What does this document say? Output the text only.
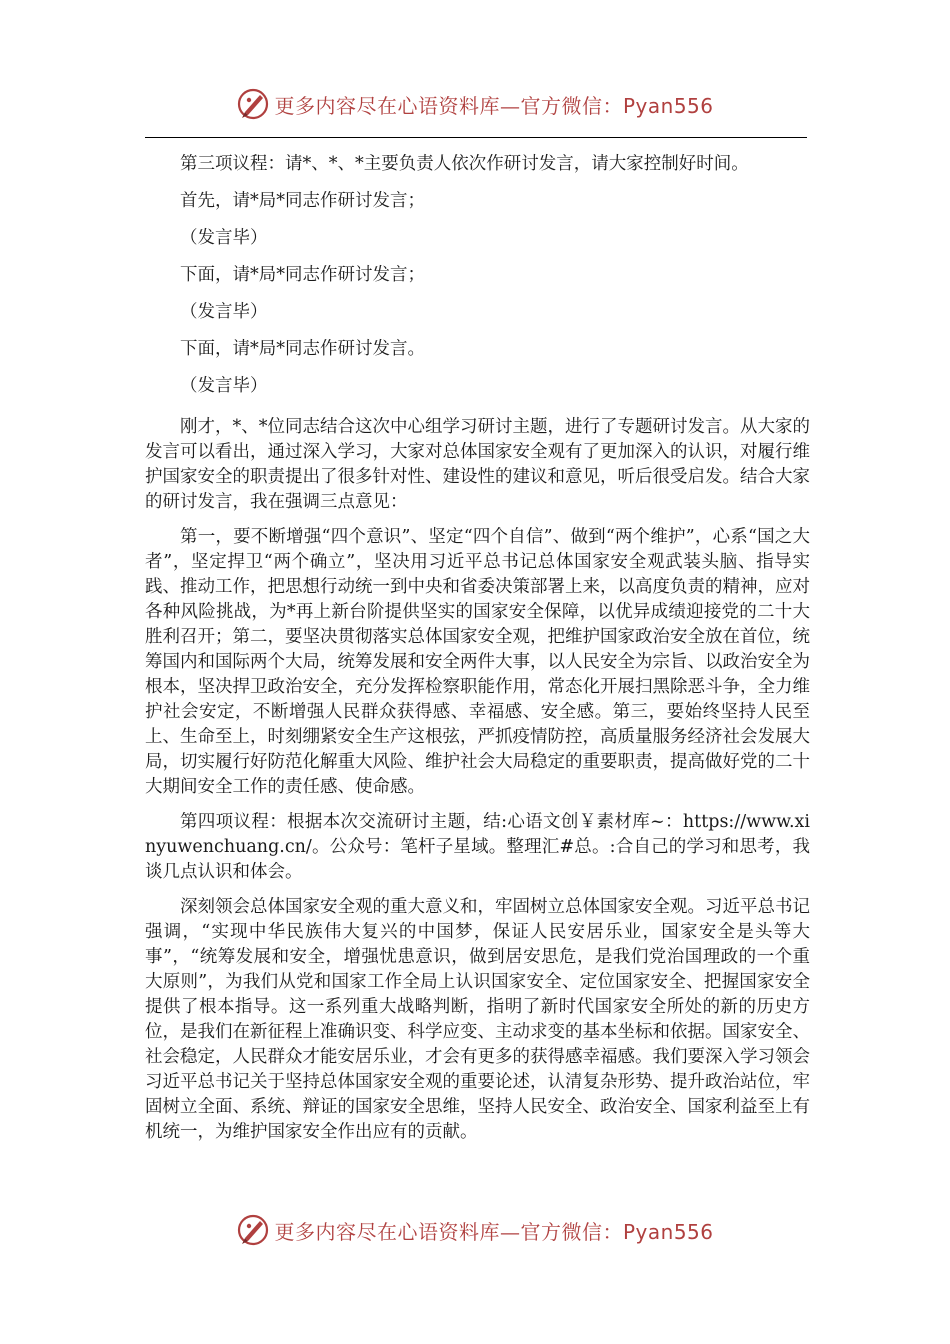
更多内容尽在心语资料库—官方微信：Pyan556

第三项议程：请*、*、*主要负责人依次作研讨发言，请大家控制好时间。

首先，请*局*同志作研讨发言；

（发言毕）

下面，请*局*同志作研讨发言；

（发言毕）

下面，请*局*同志作研讨发言。

（发言毕）

刚才，*、*位同志结合这次中心组学习研讨主题，进行了专题研讨发言。从大家的发言可以看出，通过深入学习，大家对总体国家安全观有了更加深入的认识，对履行维护国家安全的职责提出了很多针对性、建设性的建议和意见，听后很受启发。结合大家的研讨发言，我在强调三点意见：

第一，要不断增强“四个意识”、坚定“四个自信”、做到“两个维护”，心系“国之大者”，坚定捍卫“两个确立”，坚决用习近平总书记总体国家安全观武装头脑、指导实践、推动工作，把思想行动统一到中央和省委决策部署上来，以高度负责的精神，应对各种风险挑战，为*再上新台阶提供坚实的国家安全保障，以优异成绩迎接党的二十大胜利召开；第二，要坚决贯彻落实总体国家安全观，把维护国家政治安全放在首位，统筹国内和国际两个大局，统筹发展和安全两件大事，以人民安全为宗旨、以政治安全为根本，坚决捍卫政治安全，充分发挥检察职能作用，常态化开展扫黑除恶斗争，全力维护社会安定，不断增强人民群众获得感、幸福感、安全感。第三，要始终坚持人民至上、生命至上，时刻绷紧安全生产这根弦，严抓疫情防控，高质量服务经济社会发展大局，切实履行好防范化解重大风险、维护社会大局稳定的重要职责，提高做好党的二十大期间安全工作的责任感、使命感。

第四项议程：根据本次交流研讨主题，结:心语文创￥素材库~：https://www.xinyuwenchuang.cn/。公众号：笔杆子星域。整理汇#总。:合自己的学习和思考，我谈几点认识和体会。

深刻领会总体国家安全观的重大意义和，牢固树立总体国家安全观。习近平总书记强调，“实现中华民族伟大复兴的中国梦，保证人民安居乐业，国家安全是头等大事”，“统筹发展和安全，增强忧患意识，做到居安思危，是我们党治国理政的一个重大原则”，为我们从党和国家工作全局上认识国家安全、定位国家安全、把握国家安全提供了根本指导。这一系列重大战略判断，指明了新时代国家安全所处的新的历史方位，是我们在新征程上准确识变、科学应变、主动求变的基本坐标和依据。国家安全、社会稳定，人民群众才能安居乐业，才会有更多的获得感幸福感。我们要深入学习领会习近平总书记关于坚持总体国家安全观的重要论述，认清复杂形势、提升政治站位，牢固树立全面、系统、辩证的国家安全思维，坚持人民安全、政治安全、国家利益至上有机统一，为维护国家安全作出应有的贡献。

更多内容尽在心语资料库—官方微信：Pyan556
